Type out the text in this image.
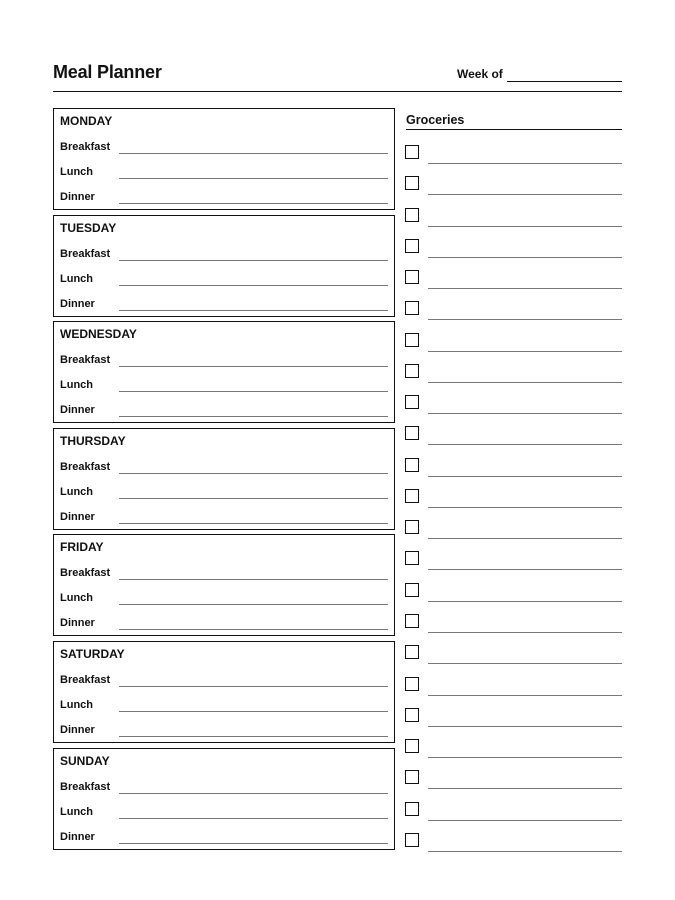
Meal Planner	Week of
MONDAY
Breakfast
Lunch
Dinner
TUESDAY
Breakfast
Lunch
Dinner
WEDNESDAY
Breakfast
Lunch
Dinner
THURSDAY
Breakfast
Lunch
Dinner
FRIDAY
Breakfast
Lunch
Dinner
SATURDAY
Breakfast
Lunch
Dinner
SUNDAY
Breakfast
Lunch
Dinner
Groceries
